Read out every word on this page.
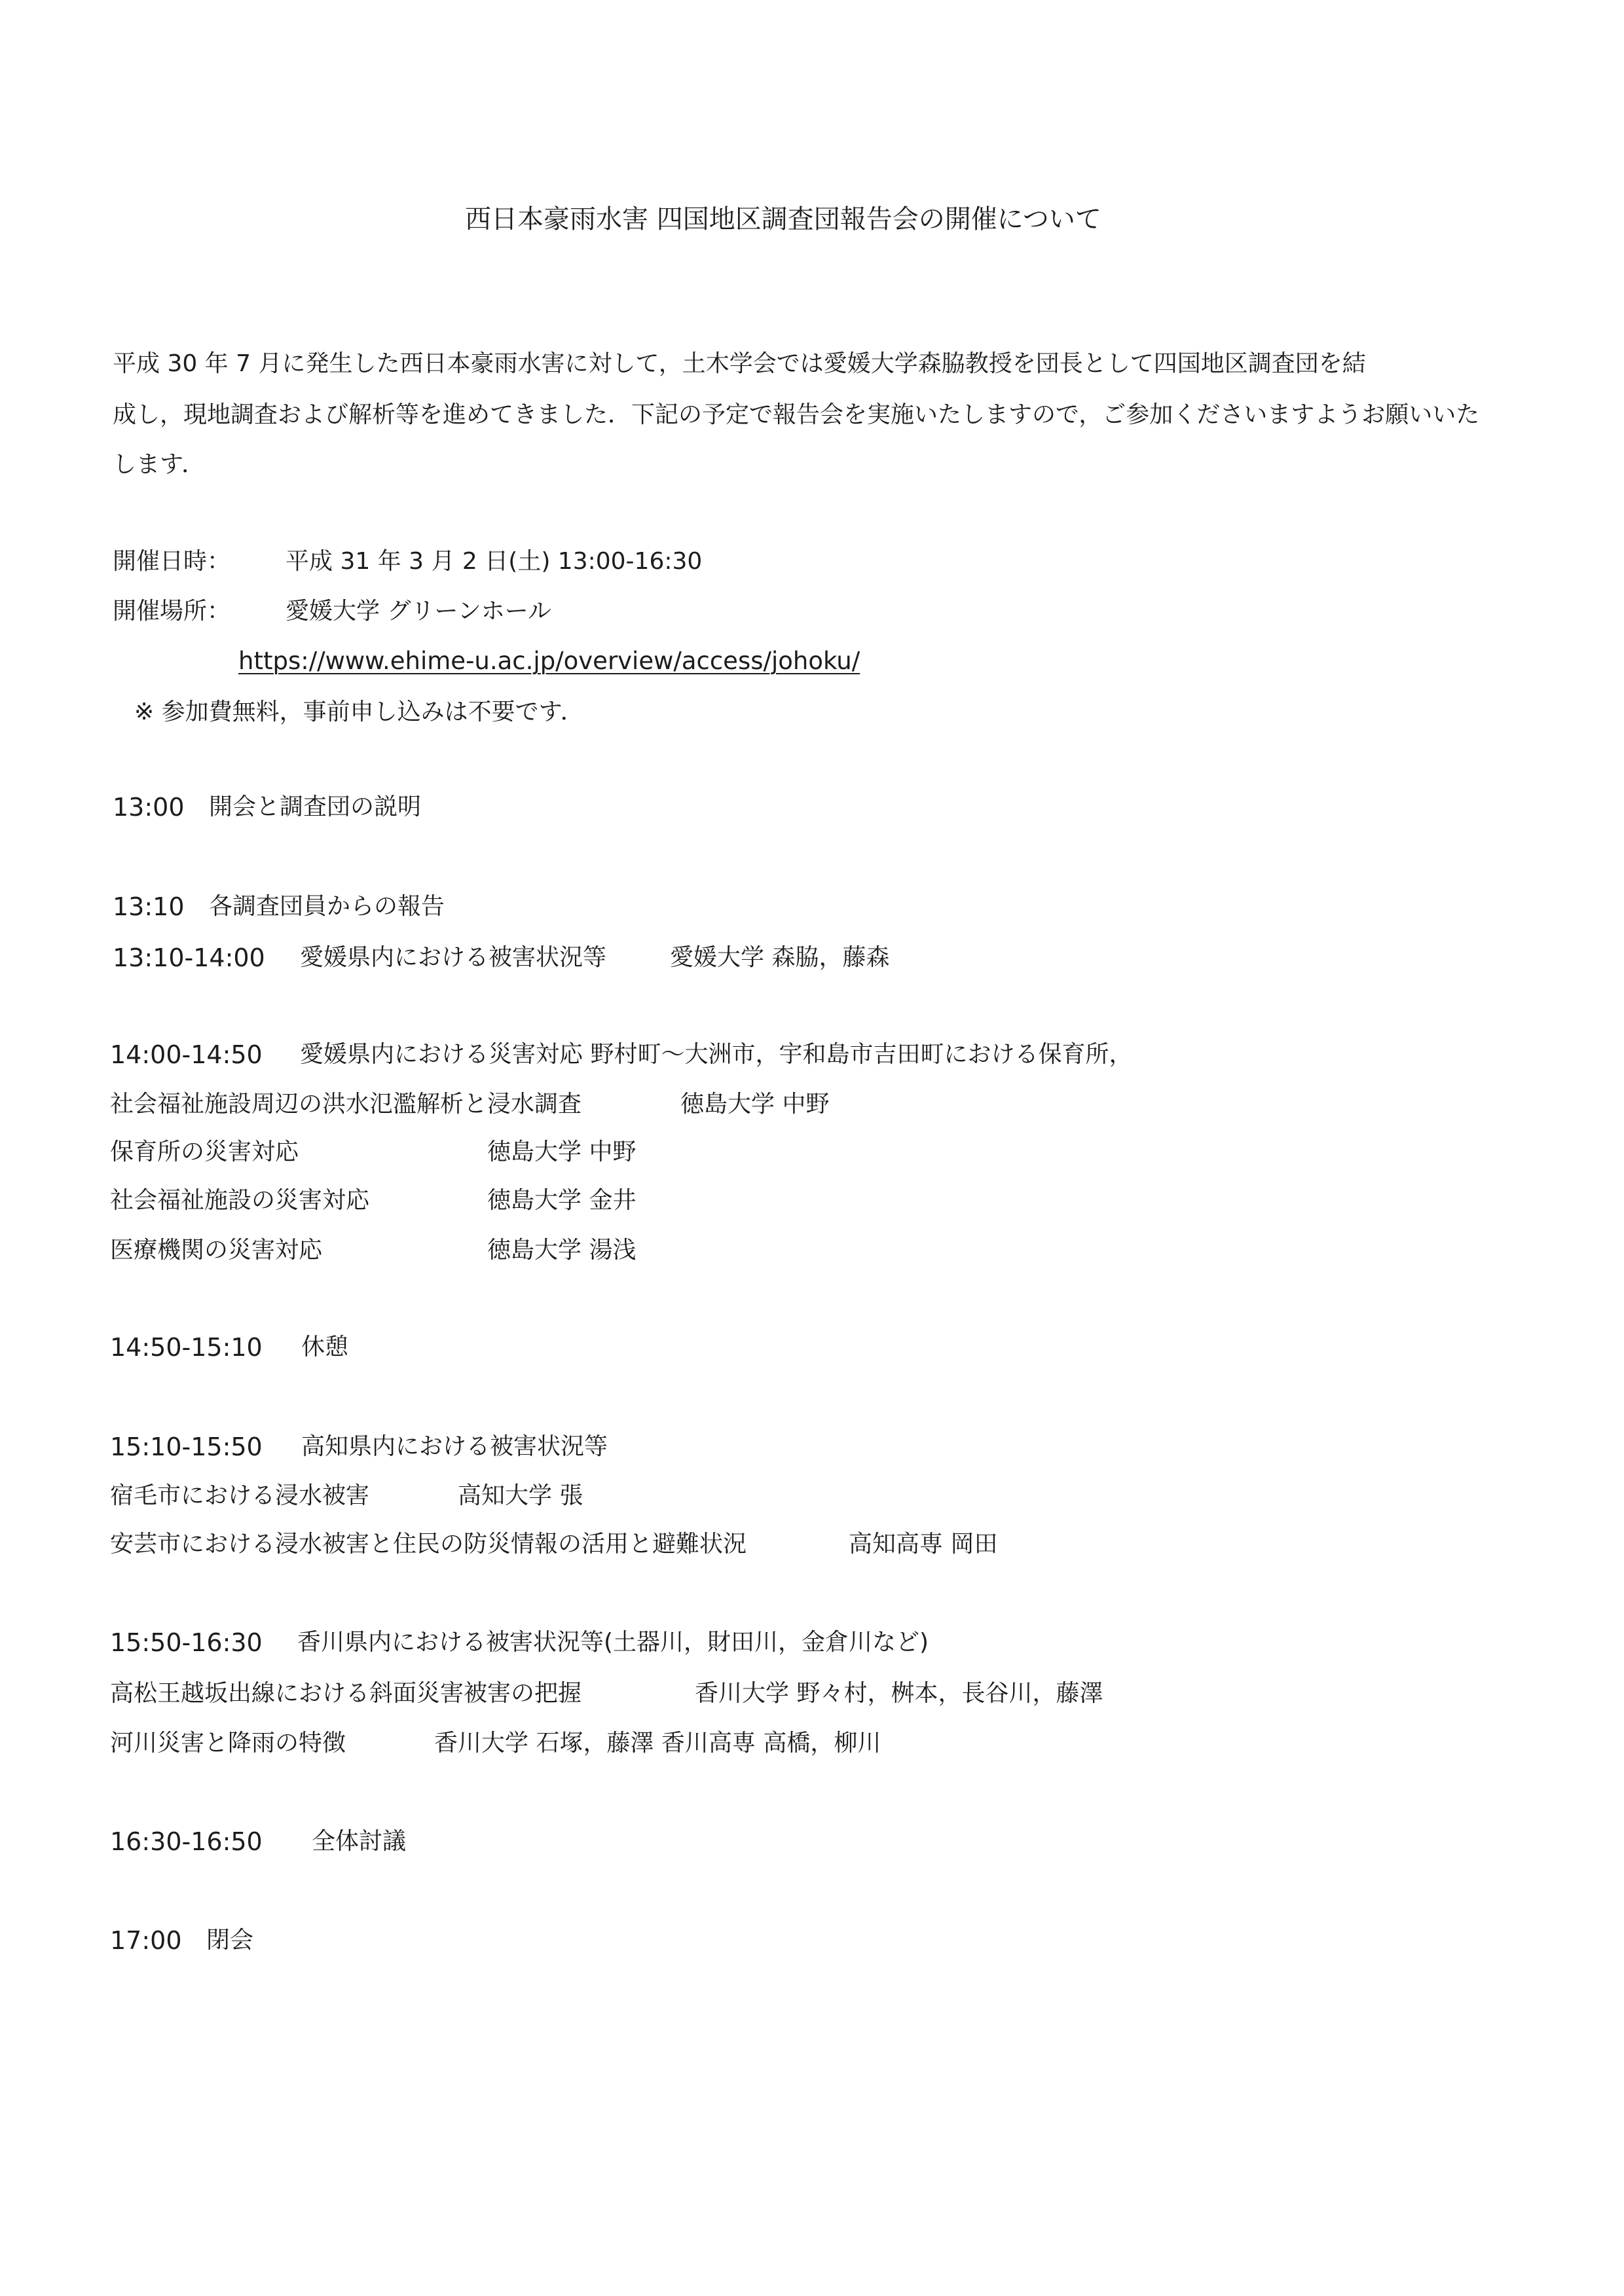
西日本豪雨水害 四国地区調査団報告会の開催について
平成 30 年 7 月に発生した西日本豪雨水害に対して，土木学会では愛媛大学森脇教授を団長として四国地区調査団を結
成し，現地調査および解析等を進めてきました．下記の予定で報告会を実施いたしますので，ご参加くださいますようお願いいた
します．
開催日時： 平成 31 年 3 月 2 日(土) 13:00-16:30
開催場所： 愛媛大学 グリーンホール
https://www.ehime-u.ac.jp/overview/access/johoku/
※ 参加費無料，事前申し込みは不要です．
13:00 開会と調査団の説明
13:10 各調査団員からの報告
13:10-14:00 愛媛県内における被害状況等	愛媛大学 森脇，藤森
14:00-14:50 愛媛県内における災害対応 野村町～大洲市，宇和島市吉田町における保育所，
社会福祉施設周辺の洪水氾濫解析と浸水調査	徳島大学 中野
保育所の災害対応	徳島大学 中野
社会福祉施設の災害対応	徳島大学 金井
医療機関の災害対応	徳島大学 湯浅
14:50-15:10 休憩
15:10-15:50 高知県内における被害状況等
宿毛市における浸水被害	高知大学 張
安芸市における浸水被害と住民の防災情報の活用と避難状況	高知高専 岡田
15:50-16:30 香川県内における被害状況等(土器川，財田川，金倉川など)
高松王越坂出線における斜面災害被害の把握	香川大学 野々村，桝本，長谷川，藤澤
河川災害と降雨の特徴	香川大学 石塚，藤澤 香川高専 高橋，柳川
16:30-16:50 全体討議
17:00 閉会
